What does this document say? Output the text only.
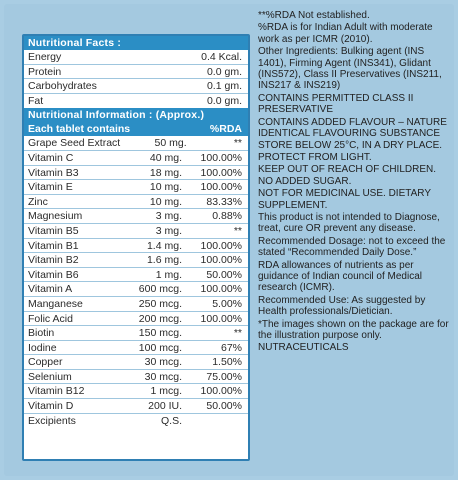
Nutritional Facts :
Energy	0.4 Kcal.
Protein	0.0 gm.
Carbohydrates	0.1 gm.
Fat	0.0 gm.
Nutritional Information : (Approx.)
Each tablet contains	%RDA
Grape Seed Extract	50 mg.	**
Vitamin C	40 mg.	100.00%
Vitamin B3	18 mg.	100.00%
Vitamin E	10 mg.	100.00%
Zinc	10 mg.	83.33%
Magnesium	3 mg.	0.88%
Vitamin B5	3 mg.	**
Vitamin B1	1.4 mg.	100.00%
Vitamin B2	1.6 mg.	100.00%
Vitamin B6	1 mg.	50.00%
Vitamin A	600 mcg.	100.00%
Manganese	250 mcg.	5.00%
Folic Acid	200 mcg.	100.00%
Biotin	150 mcg.	**
Iodine	100 mcg.	67%
Copper	30 mcg.	1.50%
Selenium	30 mcg.	75.00%
Vitamin B12	1 mcg.	100.00%
Vitamin D	200 IU.	50.00%
Excipients	Q.S.

**%RDA Not established.

%RDA is for Indian Adult with moderate work as per ICMR (2010).

Other Ingredients: Bulking agent (INS 1401), Firming Agent (INS341), Glidant (INS572), Class II Preservatives (INS211, INS217 & INS219)

CONTAINS PERMITTED CLASS II PRESERVATIVE

CONTAINS ADDED FLAVOUR – NATURE IDENTICAL FLAVOURING SUBSTANCE

STORE BELOW 25°C, IN A DRY PLACE. PROTECT FROM LIGHT.

KEEP OUT OF REACH OF CHILDREN. NO ADDED SUGAR.

NOT FOR MEDICINAL USE. DIETARY SUPPLEMENT.

This product is not intended to Diagnose, treat, cure OR prevent any disease.

Recommended Dosage: not to exceed the stated “Recommended Daily Dose.”

RDA allowances of nutrients as per guidance of Indian council of Medical research (ICMR).

Recommended Use: As suggested by Health professionals/Dietician.

*The images shown on the package are for the illustration purpose only.

NUTRACEUTICALS
